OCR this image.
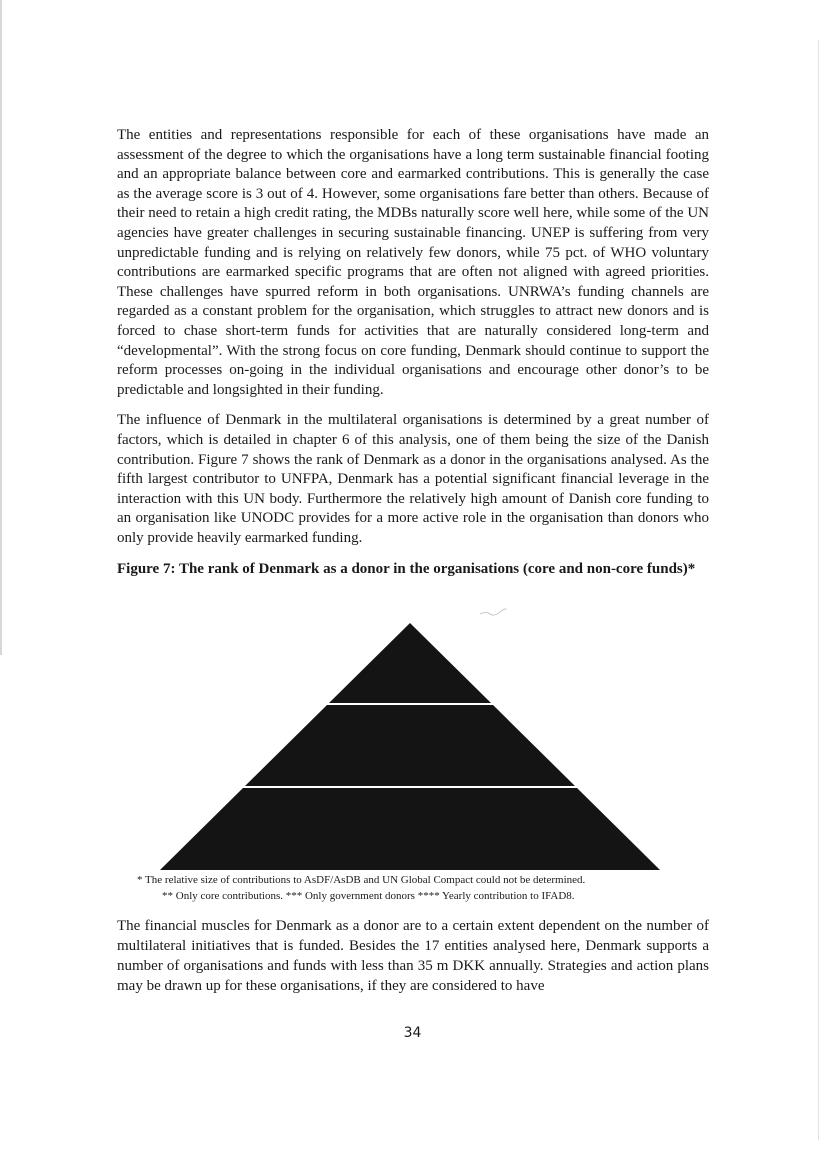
The entities and representations responsible for each of these organisations have made an assessment of the degree to which the organisations have a long term sustainable financial footing and an appropriate balance between core and earmarked contributions. This is generally the case as the average score is 3 out of 4. However, some organisations fare better than others. Because of their need to retain a high credit rating, the MDBs naturally score well here, while some of the UN agencies have greater challenges in securing sustainable financing. UNEP is suffering from very unpredictable funding and is relying on relatively few donors, while 75 pct. of WHO voluntary contributions are earmarked specific programs that are often not aligned with agreed priorities. These challenges have spurred reform in both organisations. UNRWA’s funding channels are regarded as a constant problem for the organisation, which struggles to attract new donors and is forced to chase short-term funds for activities that are naturally considered long-term and “developmental”. With the strong focus on core funding, Denmark should continue to support the reform processes on-going in the individual organisations and encourage other donor’s to be predictable and longsighted in their funding.

The influence of Denmark in the multilateral organisations is determined by a great number of factors, which is detailed in chapter 6 of this analysis, one of them being the size of the Danish contribution. Figure 7 shows the rank of Denmark as a donor in the organisations analysed. As the fifth largest contributor to UNFPA, Denmark has a potential significant financial leverage in the interaction with this UN body. Furthermore the relatively high amount of Danish core funding to an organisation like UNODC provides for a more active role in the organisation than donors who only provide heavily earmarked funding.

Figure 7: The rank of Denmark as a donor in the organisations (core and non-core funds)*

* The relative size of contributions to AsDF/AsDB and UN Global Compact could not be determined.
** Only core contributions. *** Only government donors **** Yearly contribution to IFAD8.

The financial muscles for Denmark as a donor are to a certain extent dependent on the number of multilateral initiatives that is funded. Besides the 17 entities analysed here, Denmark supports a number of organisations and funds with less than 35 m DKK annually. Strategies and action plans may be drawn up for these organisations, if they are considered to have

34
